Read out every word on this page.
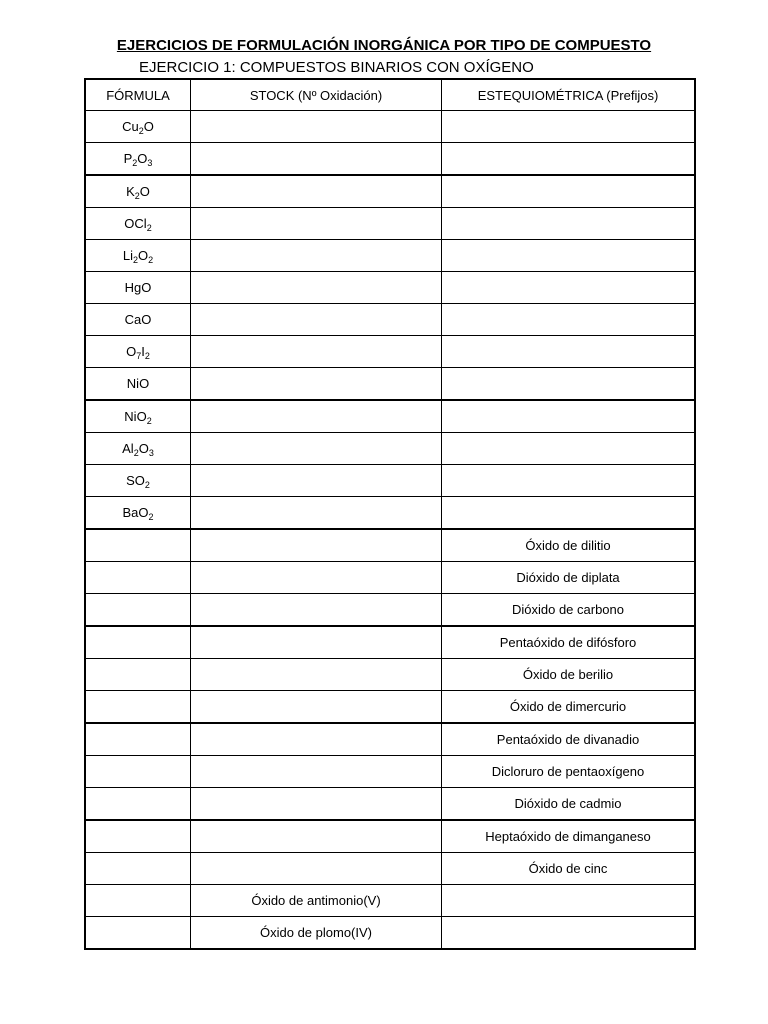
EJERCICIOS DE FORMULACIÓN INORGÁNICA POR TIPO DE COMPUESTO
EJERCICIO 1: COMPUESTOS BINARIOS CON OXÍGENO
FÓRMULA	STOCK (Nº Oxidación)	ESTEQUIOMÉTRICA (Prefijos)
$Cu_2O$		
$P_2O_3$		
$K_2O$		
OCl$_2$		
$Li_2O_2$		
HgO		
CaO		
$O_7I_2$		
NiO		
NiO$_2$		
$Al_2O_3$		
$SO_2$		
BaO$_2$		
		Óxido de dilitio
		Dióxido de diplata
		Dióxido de carbono
		Pentaóxido de difósforo
		Óxido de berilio
		Óxido de dimercurio
		Pentaóxido de divanadio
		Dicloruro de pentaoxígeno
		Dióxido de cadmio
		Heptaóxido de dimanganeso
		Óxido de cinc
	Óxido de antimonio(V)	
	Óxido de plomo(IV)	
